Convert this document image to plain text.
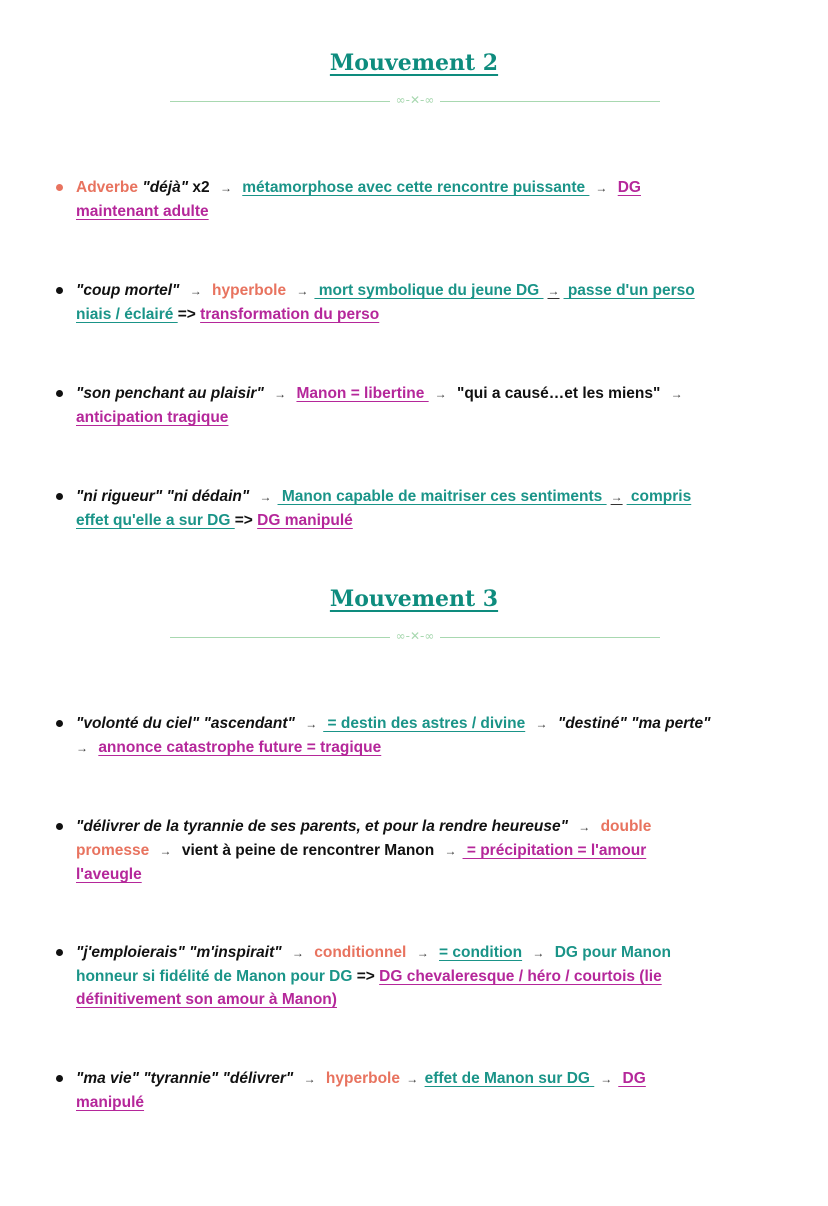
Mouvement 2
∞-✕-∞
Adverbe "déjà" x2 → métamorphose avec cette rencontre puissante → DG
maintenant adulte
"coup mortel" → hyperbole → mort symbolique du jeune DG → passe d'un perso
niais / éclairé => transformation du perso
"son penchant au plaisir" → Manon = libertine → "qui a causé…et les miens" →
anticipation tragique
"ni rigueur" "ni dédain" → Manon capable de maitriser ces sentiments → compris
effet qu'elle a sur DG => DG manipulé
Mouvement 3
∞-✕-∞
"volonté du ciel" "ascendant" → = destin des astres / divine → "destiné" "ma perte"
→ annonce catastrophe future = tragique
"délivrer de la tyrannie de ses parents, et pour la rendre heureuse" → double
promesse → vient à peine de rencontrer Manon → = précipitation = l'amour
l'aveugle
"j'emploierais" "m'inspirait" → conditionnel → = condition → DG pour Manon
honneur si fidélité de Manon pour DG => DG chevaleresque / héro / courtois (lie
définitivement son amour à Manon)
"ma vie" "tyrannie" "délivrer" → hyperbole → effet de Manon sur DG → DG
manipulé
